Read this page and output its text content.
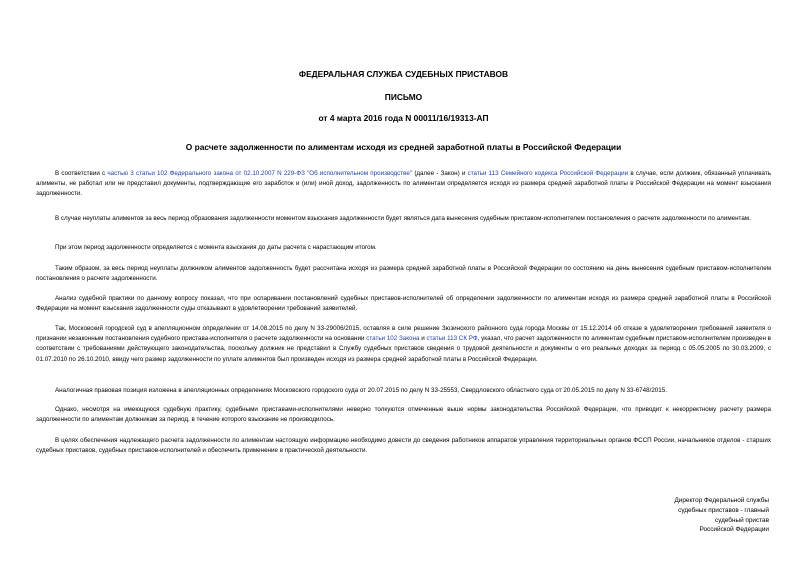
ФЕДЕРАЛЬНАЯ СЛУЖБА СУДЕБНЫХ ПРИСТАВОВ

ПИСЬМО

от 4 марта 2016 года N 00011/16/19313-АП

О расчете задолженности по алиментам исходя из средней заработной платы в Российской Федерации

В соответствии с частью 3 статьи 102 Федерального закона от 02.10.2007 N 229-ФЗ "Об исполнительном производстве" (далее - Закон) и статьи 113 Семейного кодекса Российской Федерации в случае, если должник, обязанный уплачивать алименты, не работал или не представил документы, подтверждающие его заработок и (или) иной доход, задолженность по алиментам определяется исходя из размера средней заработной платы в Российской Федерации на момент взыскания задолженности.

В случае неуплаты алиментов за весь период образования задолженности моментом взыскания задолженности будет являться дата вынесения судебным приставом-исполнителем постановления о расчете задолженности по алиментам.

При этом период задолженности определяется с момента взыскания до даты расчета с нарастающим итогом.

Таким образом, за весь период неуплаты должником алиментов задолженность будет рассчитана исходя из размера средней заработной платы в Российской Федерации по состоянию на день вынесения судебным приставом-исполнителем постановления о расчете задолженности.

Анализ судебной практики по данному вопросу показал, что при оспаривании постановлений судебных приставов-исполнителей об определении задолженности по алиментам исходя из размера средней заработной платы в Российской Федерации на момент взыскания задолженности суды отказывают в удовлетворении требований заявителей.

Так, Московский городской суд в апелляционном определении от 14.08.2015 по делу N 33-29006/2015, оставляя в силе решение Зюзинского районного суда города Москвы от 15.12.2014 об отказе в удовлетворении требований заявителя о признании незаконным постановления судебного пристава-исполнителя о расчете задолженности на основании статьи 102 Закона и статьи 113 СК РФ, указал, что расчет задолженности по алиментам судебным приставом-исполнителем произведен в соответствии с требованиями действующего законодательства, поскольку должник не представил в Службу судебных приставов сведения о трудовой деятельности и документы о его реальных доходах за период с 05.05.2005 по 30.03.2009, с 01.07.2010 по 26.10.2010, ввиду чего размер задолженности по уплате алиментов был произведен исходя из размера средней заработной платы в Российской Федерации.

Аналогичная правовая позиция изложена в апелляционных определениях Московского городского суда от 20.07.2015 по делу N 33-25553, Свердловского областного суда от 20.05.2015 по делу N 33-6748/2015.

Однако, несмотря на имеющуюся судебную практику, судебными приставами-исполнителями неверно толкуются отмеченные выше нормы законодательства Российской Федерации, что приводит к некорректному расчету размера задолженности по алиментам должникам за период, в течение которого взыскание не производилось.

В целях обеспечения надлежащего расчета задолженности по алиментам настоящую информацию необходимо довести до сведения работников аппаратов управления территориальных органов ФССП России, начальников отделов - старших судебных приставов, судебных приставов-исполнителей и обеспечить применение в практической деятельности.

Директор Федеральной службы
судебных приставов - главный
судебный пристав
Российской Федерации
